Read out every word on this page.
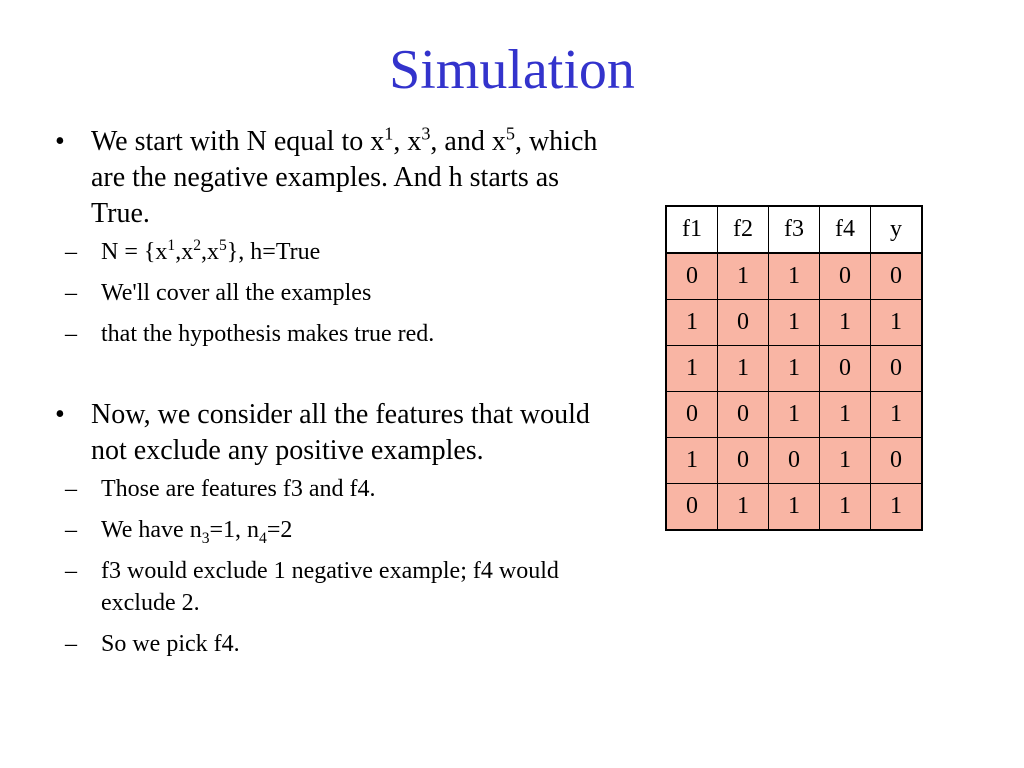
Simulation
• We start with N equal to $x^1$, $x^3$, and $x^5$, which are the negative examples. And h starts as True.
– $N = \{x^1,x^2,x^5\}$, h=True
– We'll cover all the examples
– that the hypothesis makes true red.
• Now, we consider all the features that would not exclude any positive examples.
– Those are features f3 and f4.
– We have $n_3=1$, $n_4=2$
– f3 would exclude 1 negative example; f4 would exclude 2.
– So we pick f4.
f1	f2	f3	f4	y
0	1	1	0	0
1	0	1	1	1
1	1	1	0	0
0	0	1	1	1
1	0	0	1	0
0	1	1	1	1
